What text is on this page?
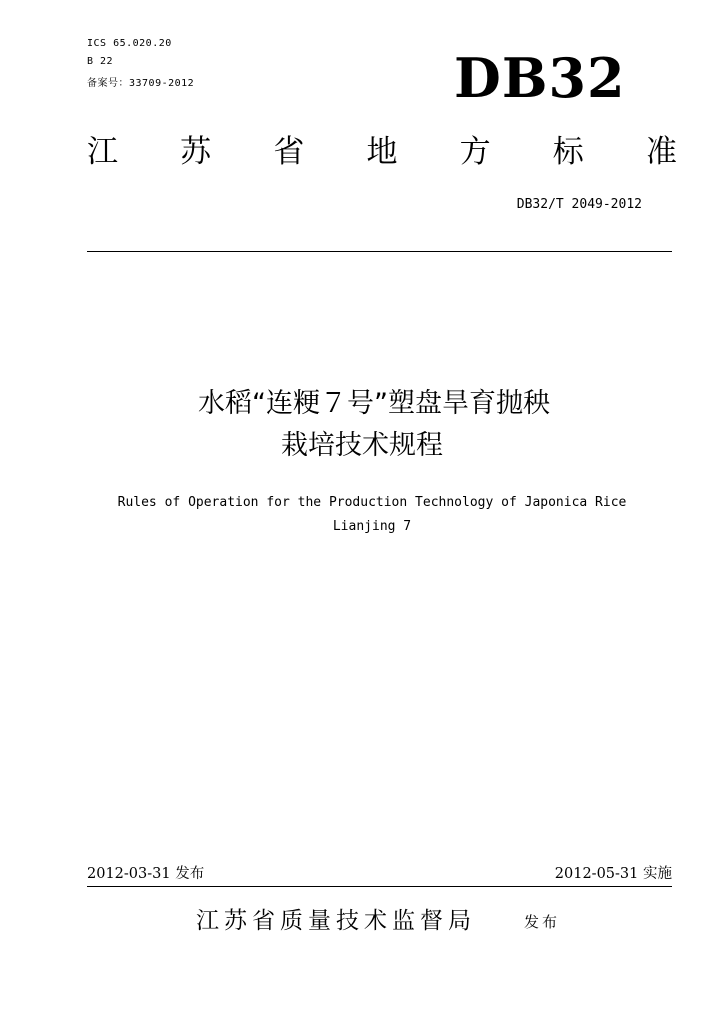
ICS 65.020.20
B 22
备案号：33709-2012	DB32
江 苏 省 地 方 标 准
DB32/T 2049-2012
水稻“连粳７号”塑盘旱育抛秧
栽培技术规程
Rules of Operation for the Production Technology of Japonica Rice
Lianjing 7
2012-03-31 发布	2012-05-31 实施
江苏省质量技术监督局	发布
